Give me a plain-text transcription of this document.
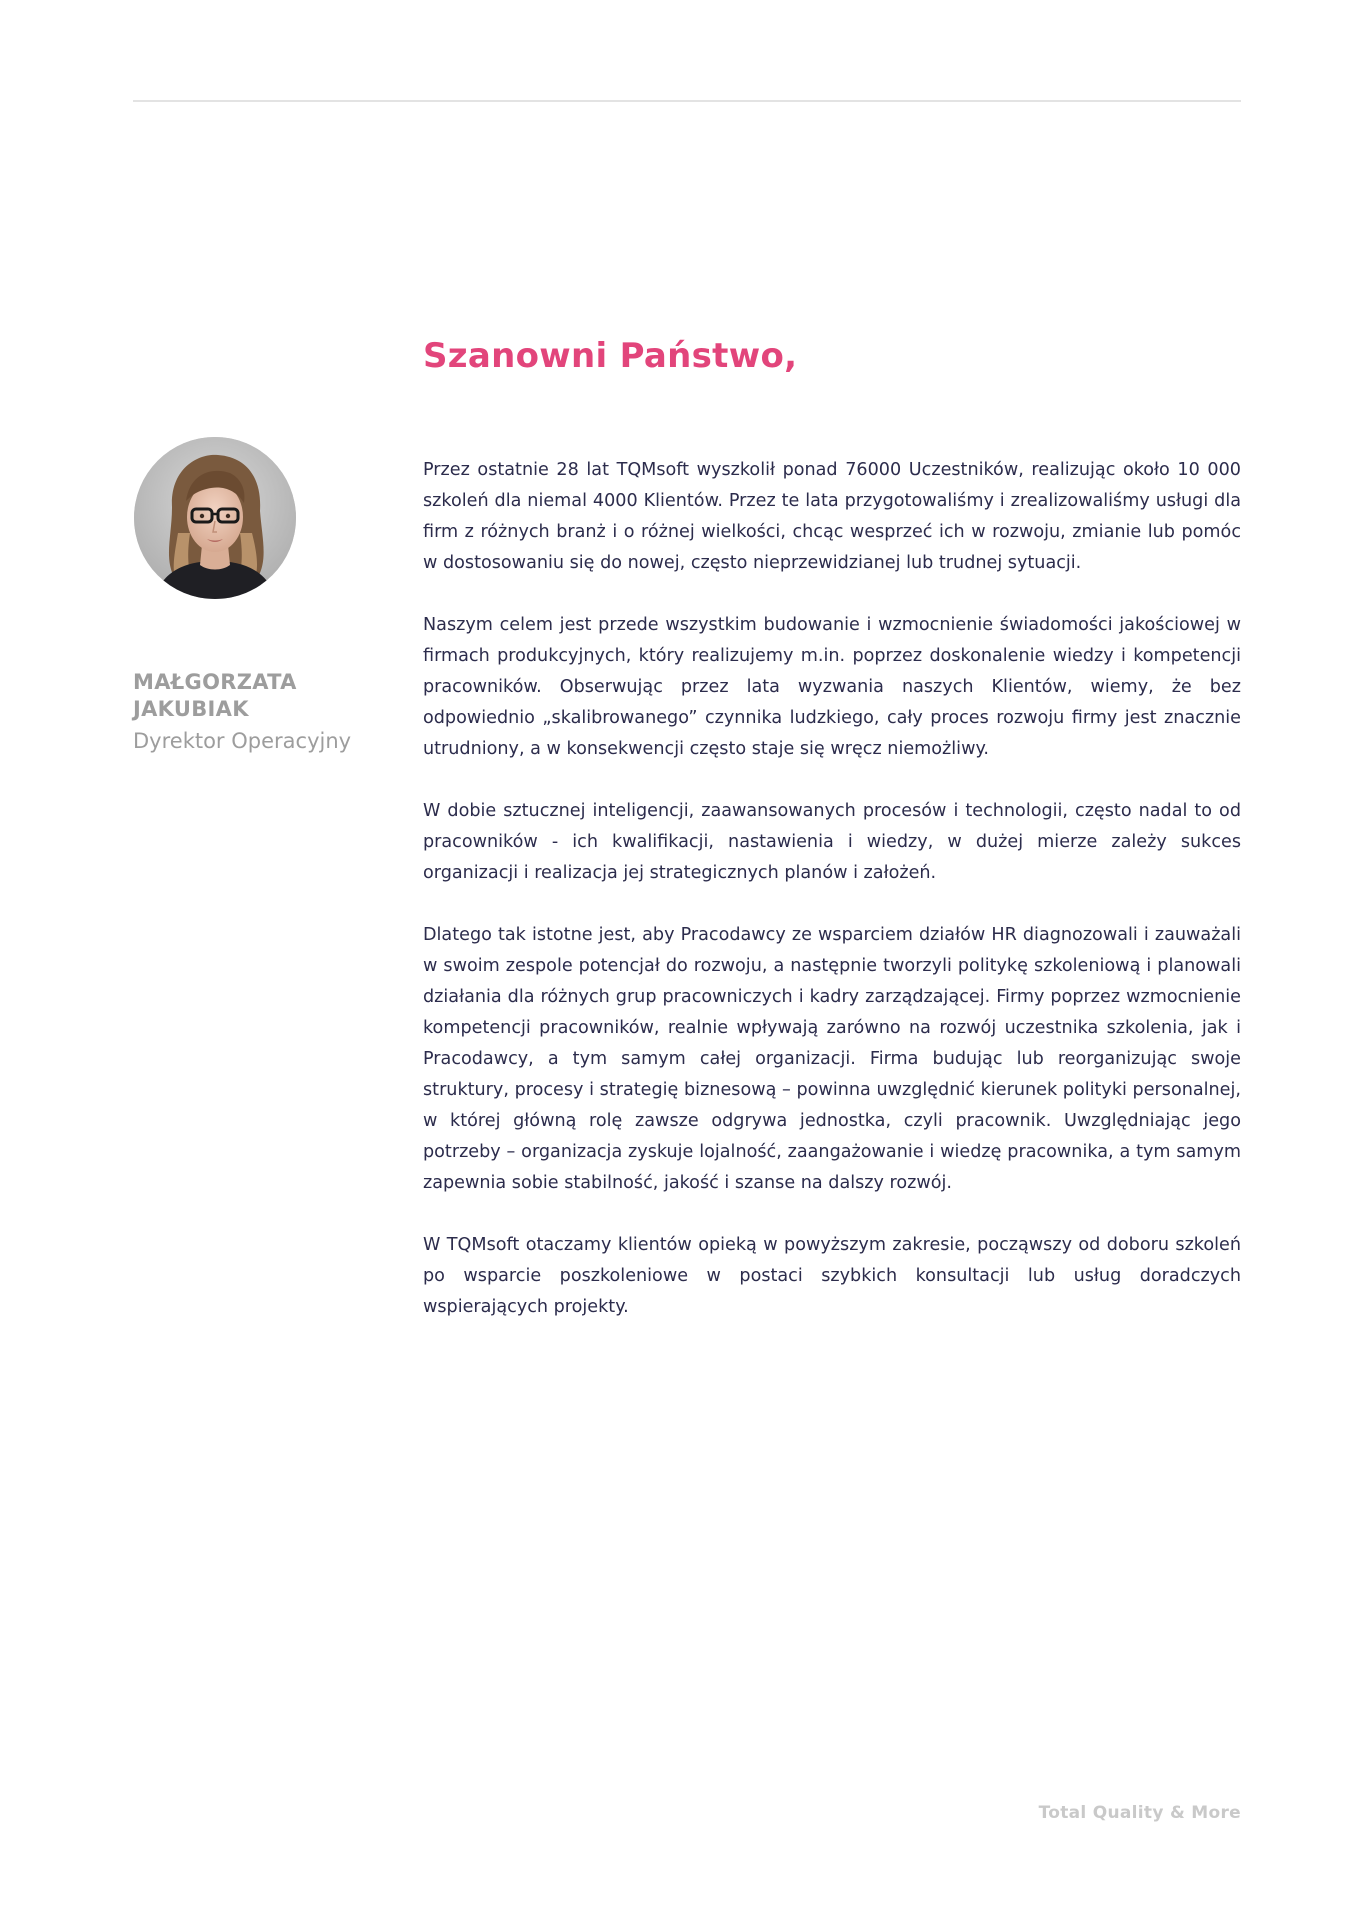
Szanowni Państwo,
MAŁGORZATA
JAKUBIAK
Dyrektor Operacyjny

Przez ostatnie 28 lat TQMsoft wyszkolił ponad 76000 Uczestników, realizując około 10 000 szkoleń dla niemal 4000 Klientów. Przez te lata przygotowaliśmy i zrealizowaliśmy usługi dla firm z różnych branż i o różnej wielkości, chcąc wesprzeć ich w rozwoju, zmianie lub pomóc w dostosowaniu się do nowej, często nieprzewidzianej lub trudnej sytuacji.

Naszym celem jest przede wszystkim budowanie i wzmocnienie świadomości jakościowej w firmach produkcyjnych, który realizujemy m.in. poprzez doskonalenie wiedzy i kompetencji pracowników. Obserwując przez lata wyzwania naszych Klientów, wiemy, że bez odpowiednio „skalibrowanego” czynnika ludzkiego, cały proces rozwoju firmy jest znacznie utrudniony, a w konsekwencji często staje się wręcz niemożliwy.

W dobie sztucznej inteligencji, zaawansowanych procesów i technologii, często nadal to od pracowników - ich kwalifikacji, nastawienia i wiedzy, w dużej mierze zależy sukces organizacji i realizacja jej strategicznych planów i założeń.

Dlatego tak istotne jest, aby Pracodawcy ze wsparciem działów HR diagnozowali i zauważali w swoim zespole potencjał do rozwoju, a następnie tworzyli politykę szkoleniową i planowali działania dla różnych grup pracowniczych i kadry zarządzającej. Firmy poprzez wzmocnienie kompetencji pracowników, realnie wpływają zarówno na rozwój uczestnika szkolenia, jak i Pracodawcy, a tym samym całej organizacji. Firma budując lub reorganizując swoje struktury, procesy i strategię biznesową – powinna uwzględnić kierunek polityki personalnej, w której główną rolę zawsze odgrywa jednostka, czyli pracownik. Uwzględniając jego potrzeby – organizacja zyskuje lojalność, zaangażowanie i wiedzę pracownika, a tym samym zapewnia sobie stabilność, jakość i szanse na dalszy rozwój.

W TQMsoft otaczamy klientów opieką w powyższym zakresie, począwszy od doboru szkoleń po wsparcie poszkoleniowe w postaci szybkich konsultacji lub usług doradczych wspierających projekty.

Total Quality & More
